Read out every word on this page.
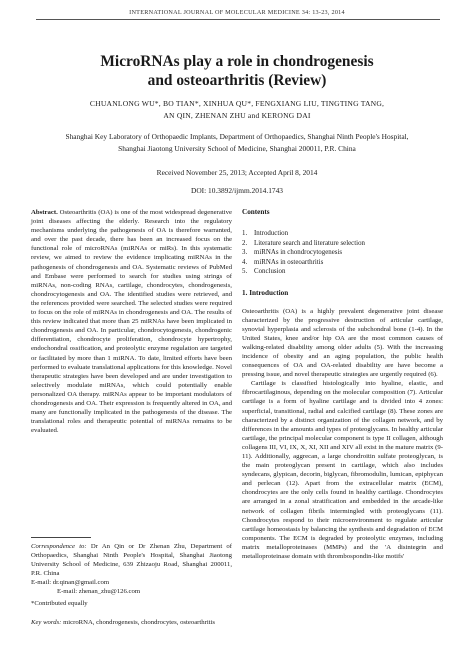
INTERNATIONAL JOURNAL OF MOLECULAR MEDICINE 34: 13-23, 2014
MicroRNAs play a role in chondrogenesis
and osteoarthritis (Review)
CHUANLONG WU*, BO TIAN*, XINHUA QU*, FENGXIANG LIU, TINGTING TANG,
AN QIN, ZHENAN ZHU and KERONG DAI
Shanghai Key Laboratory of Orthopaedic Implants, Department of Orthopaedics, Shanghai Ninth People's Hospital,
Shanghai Jiaotong University School of Medicine, Shanghai 200011, P.R. China
Received November 25, 2013; Accepted April 8, 2014
DOI: 10.3892/ijmm.2014.1743

Abstract. Osteoarthritis (OA) is one of the most widespread degenerative joint diseases affecting the elderly. Research into the regulatory mechanisms underlying the pathogenesis of OA is therefore warranted, and over the past decade, there has been an increased focus on the functional role of microRNAs (miRNAs or miRs). In this systematic review, we aimed to review the evidence implicating miRNAs in the pathogenesis of chondrogenesis and OA. Systematic reviews of PubMed and Embase were performed to search for studies using strings of miRNAs, non-coding RNAs, cartilage, chondrocytes, chondrogenesis, chondrocytogenesis and OA. The identified studies were retrieved, and the references provided were searched. The selected studies were required to focus on the role of miRNAs in chondrogenesis and OA. The results of this review indicated that more than 25 miRNAs have been implicated in chondrogenesis and OA. In particular, chondrocytogenesis, chondrogenic differentiation, chondrocyte proliferation, chondrocyte hypertrophy, endochondral ossification, and proteolytic enzyme regulation are targeted or facilitated by more than 1 miRNA. To date, limited efforts have been performed to evaluate translational applications for this knowledge. Novel therapeutic strategies have been developed and are under investigation to selectively modulate miRNAs, which could potentially enable personalized OA therapy. miRNAs appear to be important modulators of chondrogenesis and OA. Their expression is frequently altered in OA, and many are functionally implicated in the pathogenesis of the disease. The translational roles and therapeutic potential of miRNAs remains to be evaluated.

Contents
1. Introduction
2. Literature search and literature selection
3. miRNAs in chondrocytogenesis
4. miRNAs in osteoarthritis
5. Conclusion
1. Introduction

Osteoarthritis (OA) is a highly prevalent degenerative joint disease characterized by the progressive destruction of articular cartilage, synovial hyperplasia and sclerosis of the subchondral bone (1-4). In the United States, knee and/or hip OA are the most common causes of walking-related disability among older adults (5). With the increasing incidence of obesity and an aging population, the public health consequences of OA and OA-related disability are have become a pressing issue, and novel therapeutic strategies are urgently required (6).

Cartilage is classified histologically into hyaline, elastic, and fibrocartilaginous, depending on the molecular composition (7). Articular cartilage is a form of hyaline cartilage and is divided into 4 zones: superficial, transitional, radial and calcified cartilage (8). These zones are characterized by a distinct organization of the collagen network, and by differences in the amounts and types of proteoglycans. In healthy articular cartilage, the principal molecular component is type II collagen, although collagens III, VI, IX, X, XI, XII and XIV all exist in the mature matrix (9-11). Additionally, aggrecan, a large chondroitin sulfate proteoglycan, is the main proteoglycan present in cartilage, which also includes syndecans, glypican, decorin, biglycan, fibromodulin, lumican, epiphycan and perlecan (12). Apart from the extracellular matrix (ECM), chondrocytes are the only cells found in healthy cartilage. Chondrocytes are arranged in a zonal stratification and embedded in the arcade-like network of collagen fibrils intermingled with proteoglycans (11). Chondrocytes respond to their microenvironment to regulate articular cartilage homeostasis by balancing the synthesis and degradation of ECM components. The ECM is degraded by proteolytic enzymes, including matrix metalloproteinases (MMPs) and the 'A disintegrin and metalloproteinase domain with thrombospondin-like motifs'

Correspondence to: Dr An Qin or Dr Zhenan Zhu, Department of Orthopaedics, Shanghai Ninth People's Hospital, Shanghai Jiaotong University School of Medicine, 639 Zhizaoju Road, Shanghai 200011, P.R. China
E-mail: dr.qinan@gmail.com
E-mail: zhenan_zhu@126.com
*Contributed equally
Key words: microRNA, chondrogenesis, chondrocytes, osteoarthritis
